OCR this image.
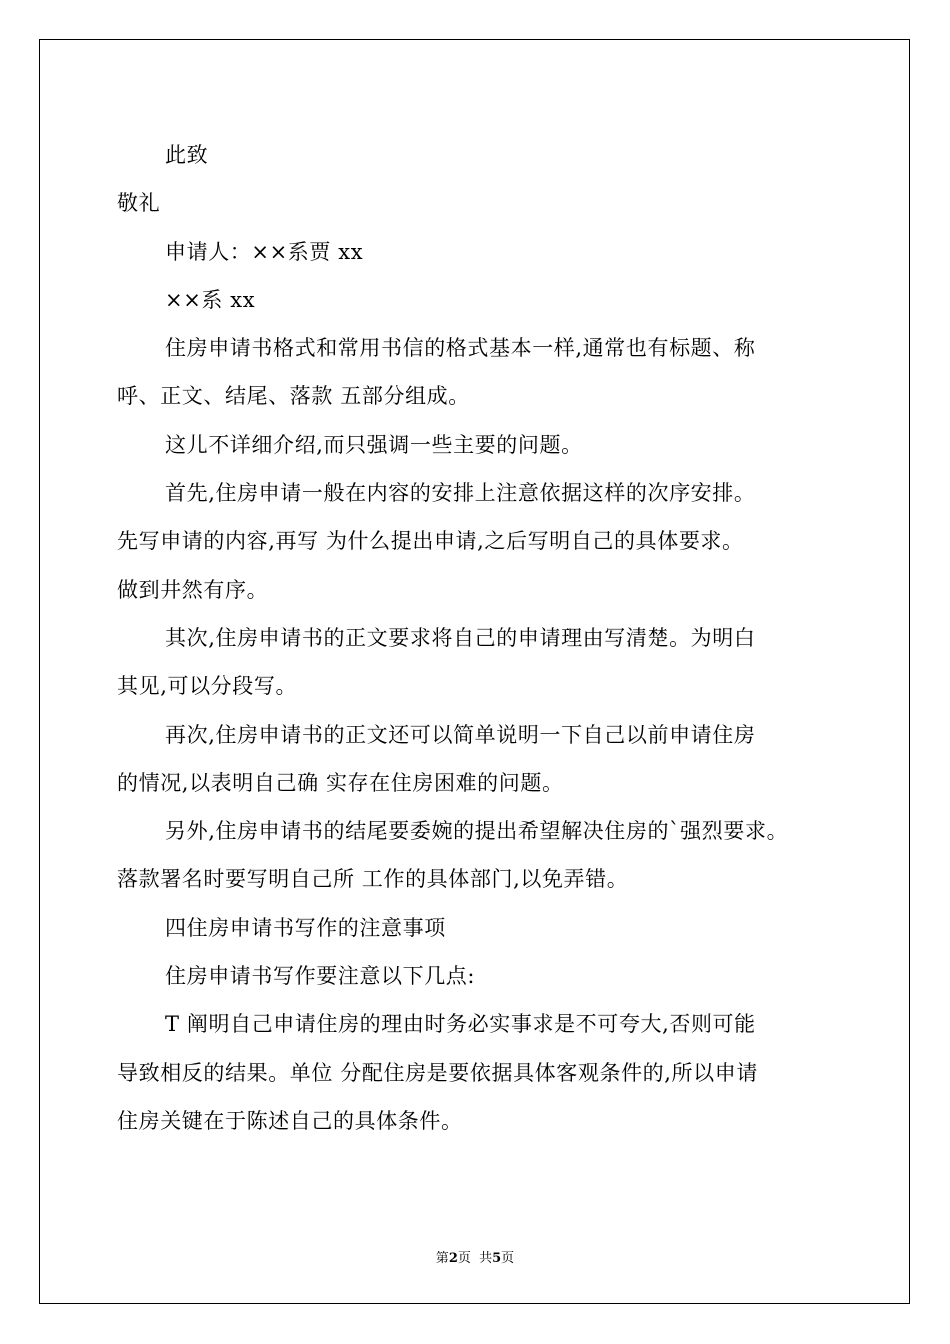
此致
敬礼
申请人：××系贾 xx
××系 xx
住房申请书格式和常用书信的格式基本一样,通常也有标题、称
呼、正文、结尾、落款 五部分组成。
这儿不详细介绍,而只强调一些主要的问题。
首先,住房申请一般在内容的安排上注意依据这样的次序安排。
先写申请的内容,再写 为什么提出申请,之后写明自己的具体要求。
做到井然有序。
其次,住房申请书的正文要求将自己的申请理由写清楚。为明白
其见,可以分段写。
再次,住房申请书的正文还可以简单说明一下自己以前申请住房
的情况,以表明自己确 实存在住房困难的问题。
另外,住房申请书的结尾要委婉的提出希望解决住房的`强烈要求。
落款署名时要写明自己所 工作的具体部门,以免弄错。
四住房申请书写作的注意事项
住房申请书写作要注意以下几点:
T 阐明自己申请住房的理由时务必实事求是不可夸大,否则可能
导致相反的结果。单位 分配住房是要依据具体客观条件的,所以申请
住房关键在于陈述自己的具体条件。
第2页  共5页
